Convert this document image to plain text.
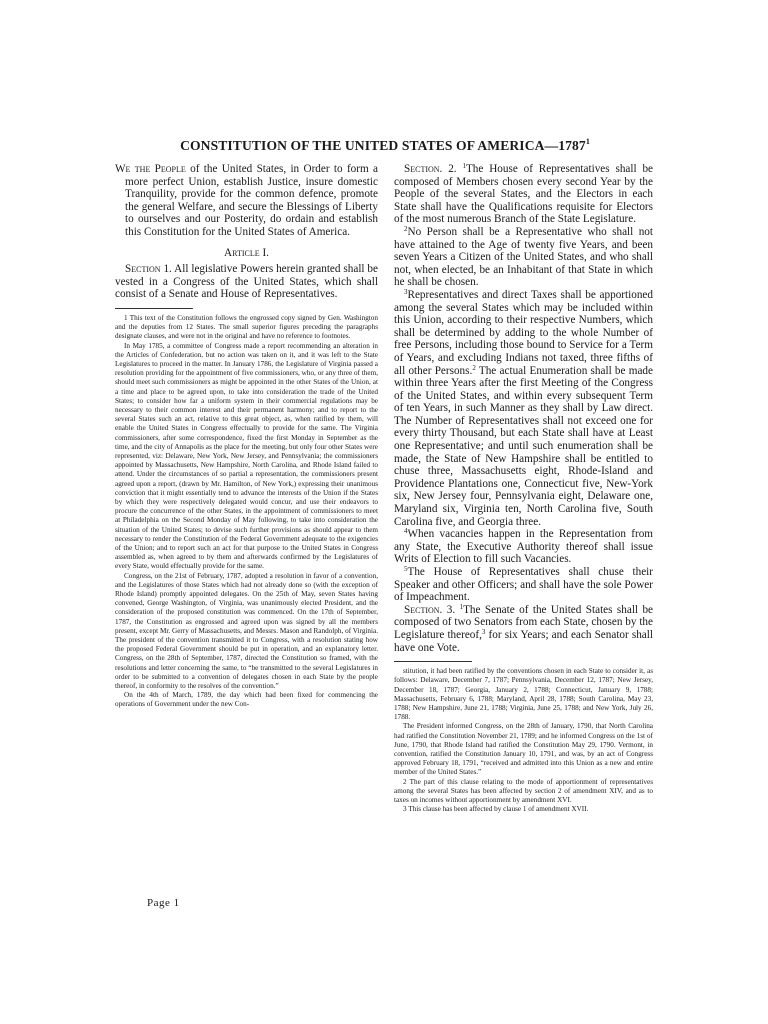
CONSTITUTION OF THE UNITED STATES OF AMERICA—1787$^1$

We the People of the United States, in Order to form a more perfect Union, establish Justice, insure domestic Tranquility, provide for the common defence, promote the general Welfare, and secure the Blessings of Liberty to ourselves and our Posterity, do ordain and establish this Constitution for the United States of America.

Article I.

Section 1. All legislative Powers herein granted shall be vested in a Congress of the United States, which shall consist of a Senate and House of Representatives.

1 This text of the Constitution follows the engrossed copy signed by Gen. Washington and the deputies from 12 States. The small superior figures preceding the paragraphs designate clauses, and were not in the original and have no reference to footnotes.

In May 1785, a committee of Congress made a report recommending an alteration in the Articles of Confederation, but no action was taken on it, and it was left to the State Legislatures to proceed in the matter. In January 1786, the Legislature of Virginia passed a resolution providing for the appointment of five commissioners, who, or any three of them, should meet such commissioners as might be appointed in the other States of the Union, at a time and place to be agreed upon, to take into consideration the trade of the United States; to consider how far a uniform system in their commercial regulations may be necessary to their common interest and their permanent harmony; and to report to the several States such an act, relative to this great object, as, when ratified by them, will enable the United States in Congress effectually to provide for the same. The Virginia commissioners, after some correspondence, fixed the first Monday in September as the time, and the city of Annapolis as the place for the meeting, but only four other States were represented, viz: Delaware, New York, New Jersey, and Pennsylvania; the commissioners appointed by Massachusetts, New Hampshire, North Carolina, and Rhode Island failed to attend. Under the circumstances of so partial a representation, the commissioners present agreed upon a report, (drawn by Mr. Hamilton, of New York,) expressing their unanimous conviction that it might essentially tend to advance the interests of the Union if the States by which they were respectively delegated would concur, and use their endeavors to procure the concurrence of the other States, in the appointment of commissioners to meet at Philadelphia on the Second Monday of May following, to take into consideration the situation of the United States; to devise such further provisions as should appear to them necessary to render the Constitution of the Federal Government adequate to the exigencies of the Union; and to report such an act for that purpose to the United States in Congress assembled as, when agreed to by them and afterwards confirmed by the Legislatures of every State, would effectually provide for the same.

Congress, on the 21st of February, 1787, adopted a resolution in favor of a convention, and the Legislatures of those States which had not already done so (with the exception of Rhode Island) promptly appointed delegates. On the 25th of May, seven States having convened, George Washington, of Virginia, was unanimously elected President, and the consideration of the proposed constitution was commenced. On the 17th of September, 1787, the Constitution as engrossed and agreed upon was signed by all the members present, except Mr. Gerry of Massachusetts, and Messrs. Mason and Randolph, of Virginia. The president of the convention transmitted it to Congress, with a resolution stating how the proposed Federal Government should be put in operation, and an explanatory letter. Congress, on the 28th of September, 1787, directed the Constitution so framed, with the resolutions and letter concerning the same, to “be transmitted to the several Legislatures in order to be submitted to a convention of delegates chosen in each State by the people thereof, in conformity to the resolves of the convention.”

On the 4th of March, 1789, the day which had been fixed for commencing the operations of Government under the new Con-

Section. 2. $^1$The House of Representatives shall be composed of Members chosen every second Year by the People of the several States, and the Electors in each State shall have the Qualifications requisite for Electors of the most numerous Branch of the State Legislature.

$^2$No Person shall be a Representative who shall not have attained to the Age of twenty five Years, and been seven Years a Citizen of the United States, and who shall not, when elected, be an Inhabitant of that State in which he shall be chosen.

$^3$Representatives and direct Taxes shall be apportioned among the several States which may be included within this Union, according to their respective Numbers, which shall be determined by adding to the whole Number of free Persons, including those bound to Service for a Term of Years, and excluding Indians not taxed, three fifths of all other Persons.$^2$ The actual Enumeration shall be made within three Years after the first Meeting of the Congress of the United States, and within every subsequent Term of ten Years, in such Manner as they shall by Law direct. The Number of Representatives shall not exceed one for every thirty Thousand, but each State shall have at Least one Representative; and until such enumeration shall be made, the State of New Hampshire shall be entitled to chuse three, Massachusetts eight, Rhode-Island and Providence Plantations one, Connecticut five, New-York six, New Jersey four, Pennsylvania eight, Delaware one, Maryland six, Virginia ten, North Carolina five, South Carolina five, and Georgia three.

$^4$When vacancies happen in the Representation from any State, the Executive Authority thereof shall issue Writs of Election to fill such Vacancies.

$^5$The House of Representatives shall chuse their Speaker and other Officers; and shall have the sole Power of Impeachment.

Section. 3. $^1$The Senate of the United States shall be composed of two Senators from each State, chosen by the Legislature thereof,$^3$ for six Years; and each Senator shall have one Vote.

stitution, it had been ratified by the conventions chosen in each State to consider it, as follows: Delaware, December 7, 1787; Pennsylvania, December 12, 1787; New Jersey, December 18, 1787; Georgia, January 2, 1788; Connecticut, January 9, 1788; Massachusetts, February 6, 1788; Maryland, April 28, 1788; South Carolina, May 23, 1788; New Hampshire, June 21, 1788; Virginia, June 25, 1788; and New York, July 26, 1788.

The President informed Congress, on the 28th of January, 1790, that North Carolina had ratified the Constitution November 21, 1789; and he informed Congress on the 1st of June, 1790, that Rhode Island had ratified the Constitution May 29, 1790. Vermont, in convention, ratified the Constitution January 10, 1791, and was, by an act of Congress approved February 18, 1791, “received and admitted into this Union as a new and entire member of the United States.”

2 The part of this clause relating to the mode of apportionment of representatives among the several States has been affected by section 2 of amendment XIV, and as to taxes on incomes without apportionment by amendment XVI.

3 This clause has been affected by clause 1 of amendment XVII.

Page 1
